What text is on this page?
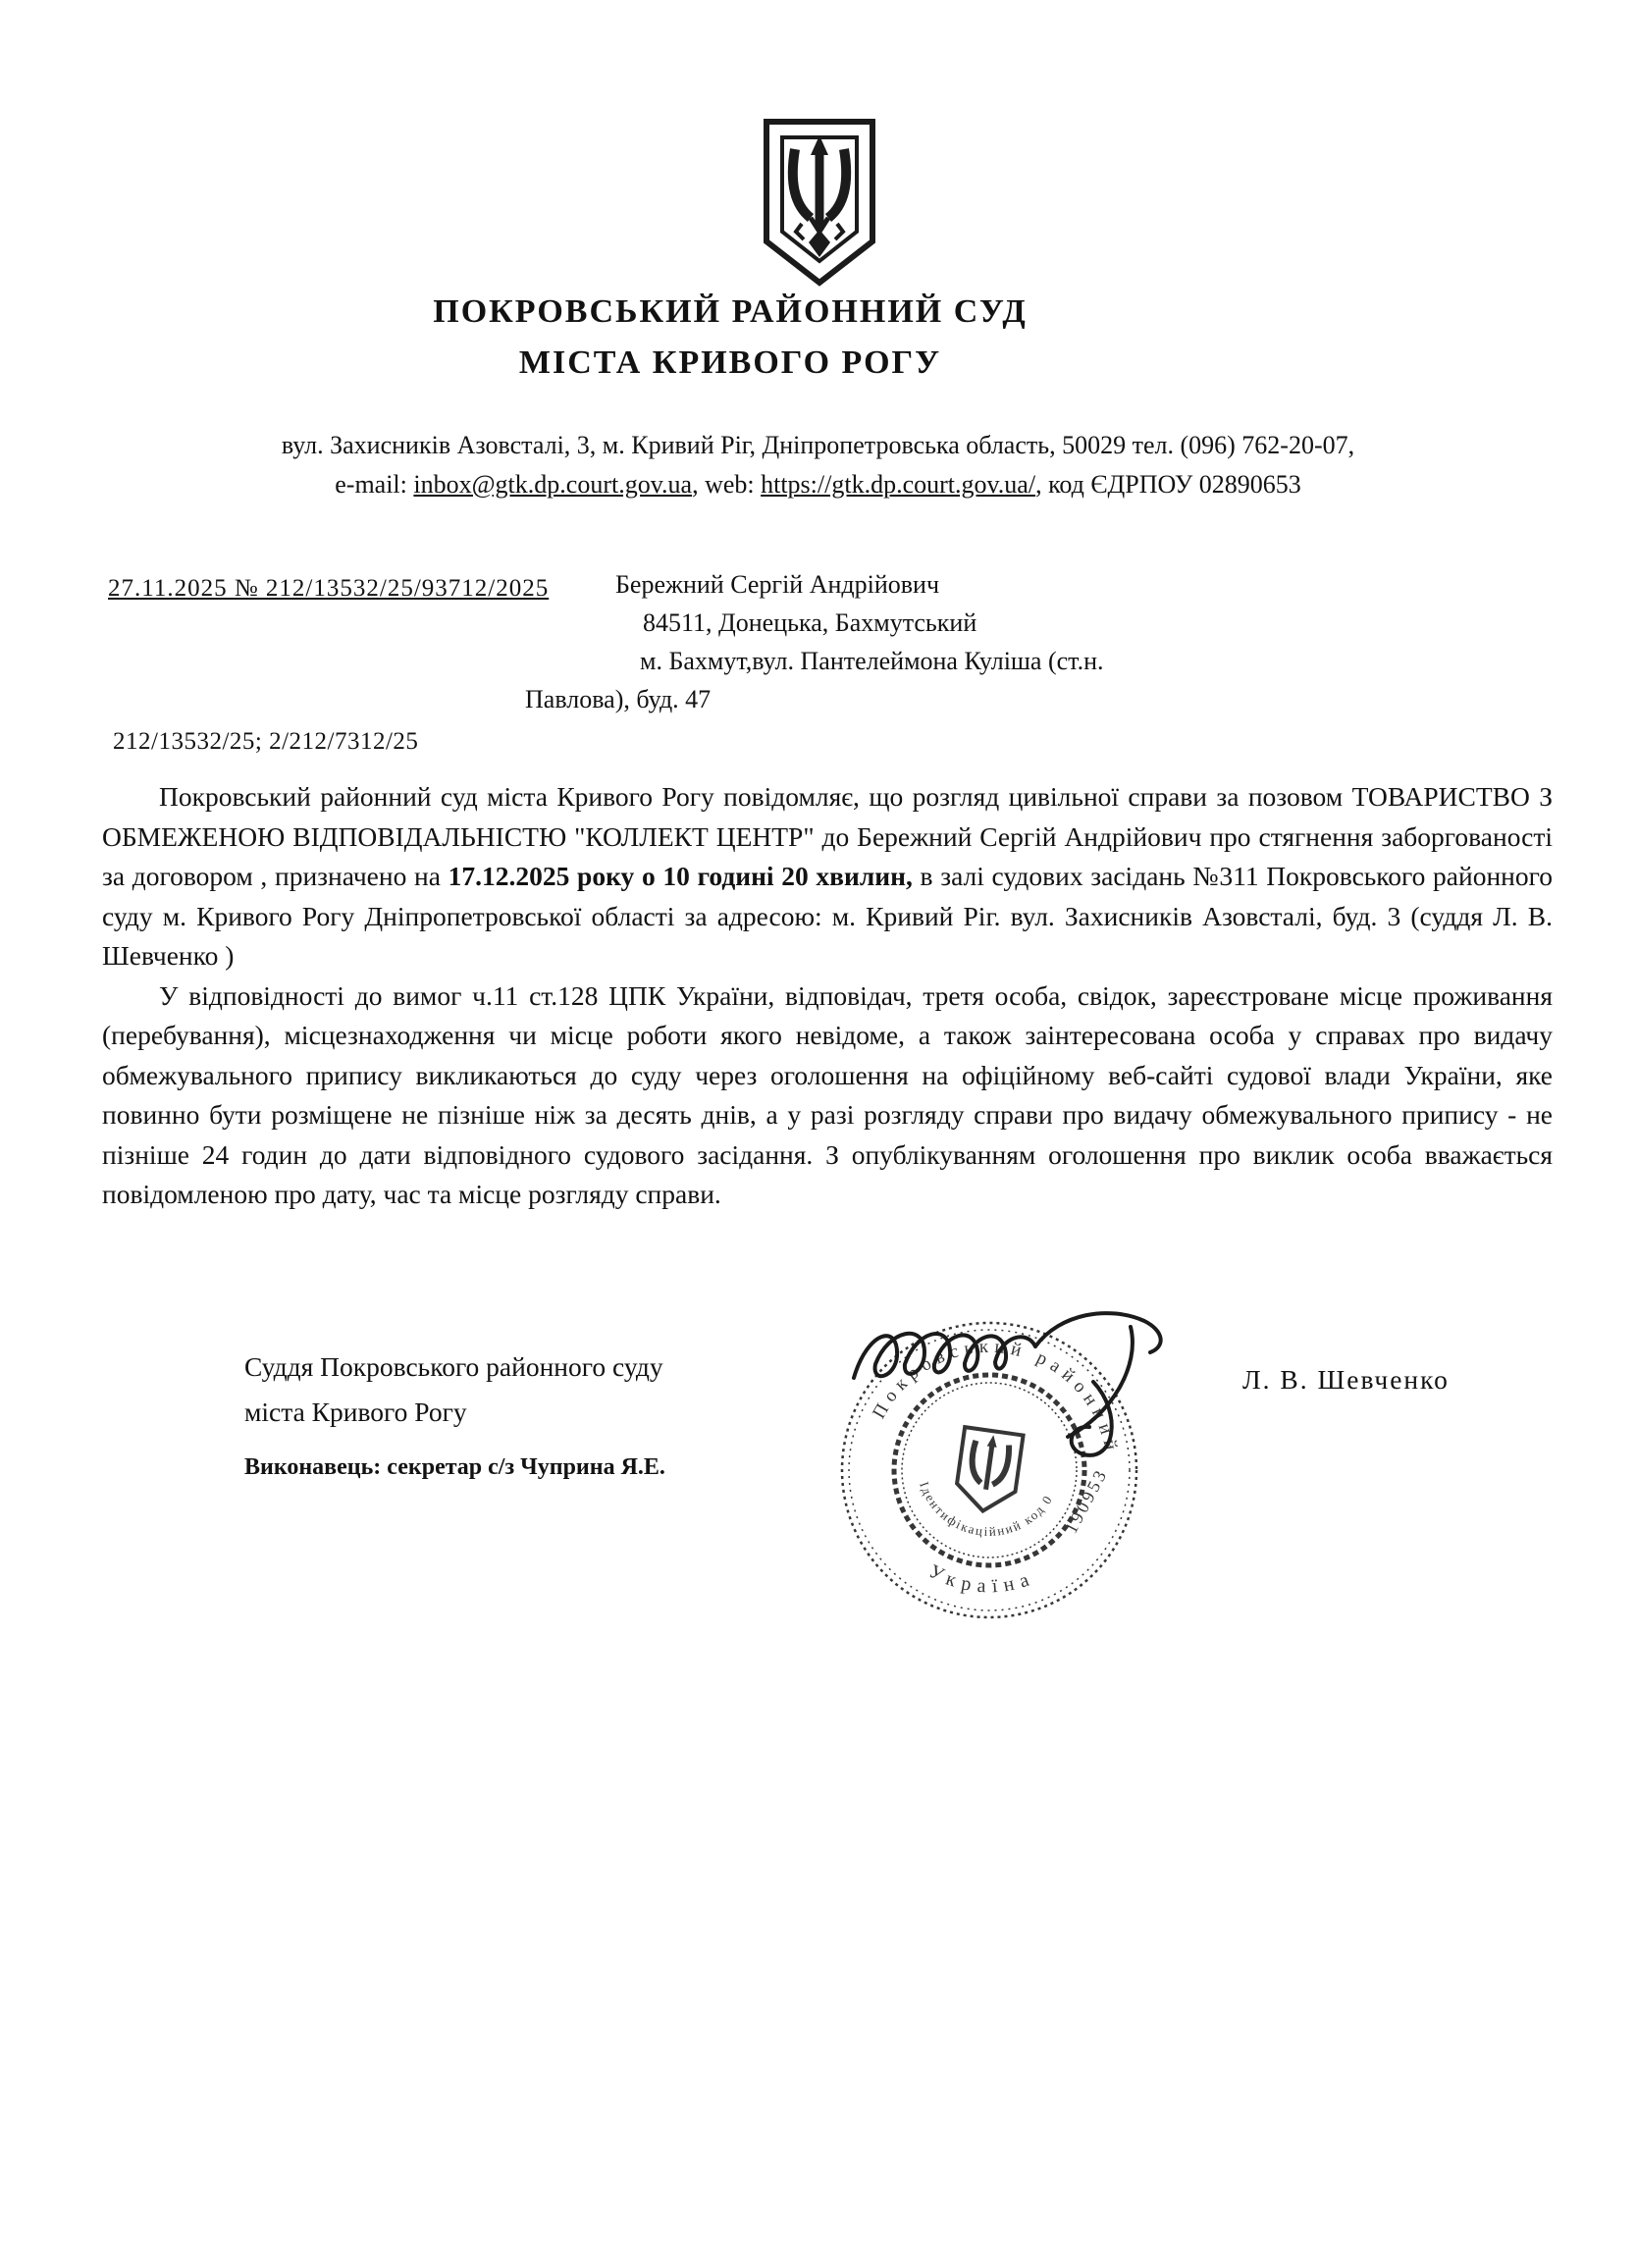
ПОКРОВСЬКИЙ РАЙОННИЙ СУД
МІСТА КРИВОГО РОГУ
вул. Захисників Азовсталі, 3, м. Кривий Ріг, Дніпропетровська область, 50029 тел. (096) 762-20-07,
e-mail: inbox@gtk.dp.court.gov.ua, web: https://gtk.dp.court.gov.ua/, код ЄДРПОУ 02890653
27.11.2025 № 212/13532/25/93712/2025	Бережний Сергій Андрійович
84511, Донецька, Бахмутський
м. Бахмут,вул. Пантелеймона Куліша (ст.н.
Павлова), буд. 47
212/13532/25; 2/212/7312/25

Покровський районний суд міста Кривого Рогу повідомляє, що розгляд цивільної справи за позовом ТОВАРИСТВО З ОБМЕЖЕНОЮ ВІДПОВІДАЛЬНІСТЮ "КОЛЛЕКТ ЦЕНТР" до Бережний Сергій Андрійович про стягнення заборгованості за договором , призначено на 17.12.2025 року о 10 годині 20 хвилин, в залі судових засідань №311 Покровського районного суду м. Кривого Рогу Дніпропетровської області за адресою: м. Кривий Ріг. вул. Захисників Азовсталі, буд. 3 (суддя Л. В. Шевченко )

У відповідності до вимог ч.11 ст.128 ЦПК України, відповідач, третя особа, свідок, зареєстроване місце проживання (перебування), місцезнаходження чи місце роботи якого невідоме, а також заінтересована особа у справах про видачу обмежувального припису викликаються до суду через оголошення на офіційному веб-сайті судової влади України, яке повинно бути розміщене не пізніше ніж за десять днів, а у разі розгляду справи про видачу обмежувального припису - не пізніше 24 годин до дати відповідного судового засідання. З опублікуванням оголошення про виклик особа вважається повідомленою про дату, час та місце розгляду справи.

Суддя Покровського районного суду
міста Кривого Рогу
Виконавець: секретар с/з Чуприна Я.Е.
Л. В. Шевченко
Покровський районний
Україна
Ідентифікаційний код 0 190953
